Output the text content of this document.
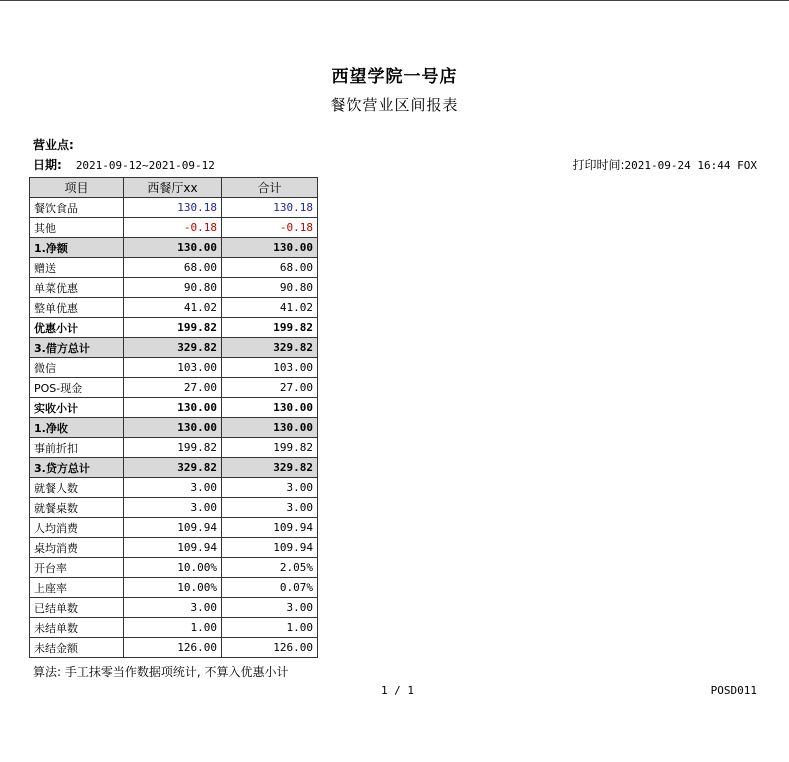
西望学院一号店
餐饮营业区间报表
营业点:
日期: 2021-09-12~2021-09-12	打印时间:2021-09-24 16:44 FOX
项目	西餐厅xx	合计
餐饮食品	130.18	130.18
其他	-0.18	-0.18
1.净额	130.00	130.00
赠送	68.00	68.00
单菜优惠	90.80	90.80
整单优惠	41.02	41.02
优惠小计	199.82	199.82
3.借方总计	329.82	329.82
微信	103.00	103.00
POS-现金	27.00	27.00
实收小计	130.00	130.00
1.净收	130.00	130.00
事前折扣	199.82	199.82
3.贷方总计	329.82	329.82
就餐人数	3.00	3.00
就餐桌数	3.00	3.00
人均消费	109.94	109.94
桌均消费	109.94	109.94
开台率	10.00%	2.05%
上座率	10.00%	0.07%
已结单数	3.00	3.00
未结单数	1.00	1.00
未结金额	126.00	126.00
算法: 手工抹零当作数据项统计, 不算入优惠小计
1 / 1	POSD011
